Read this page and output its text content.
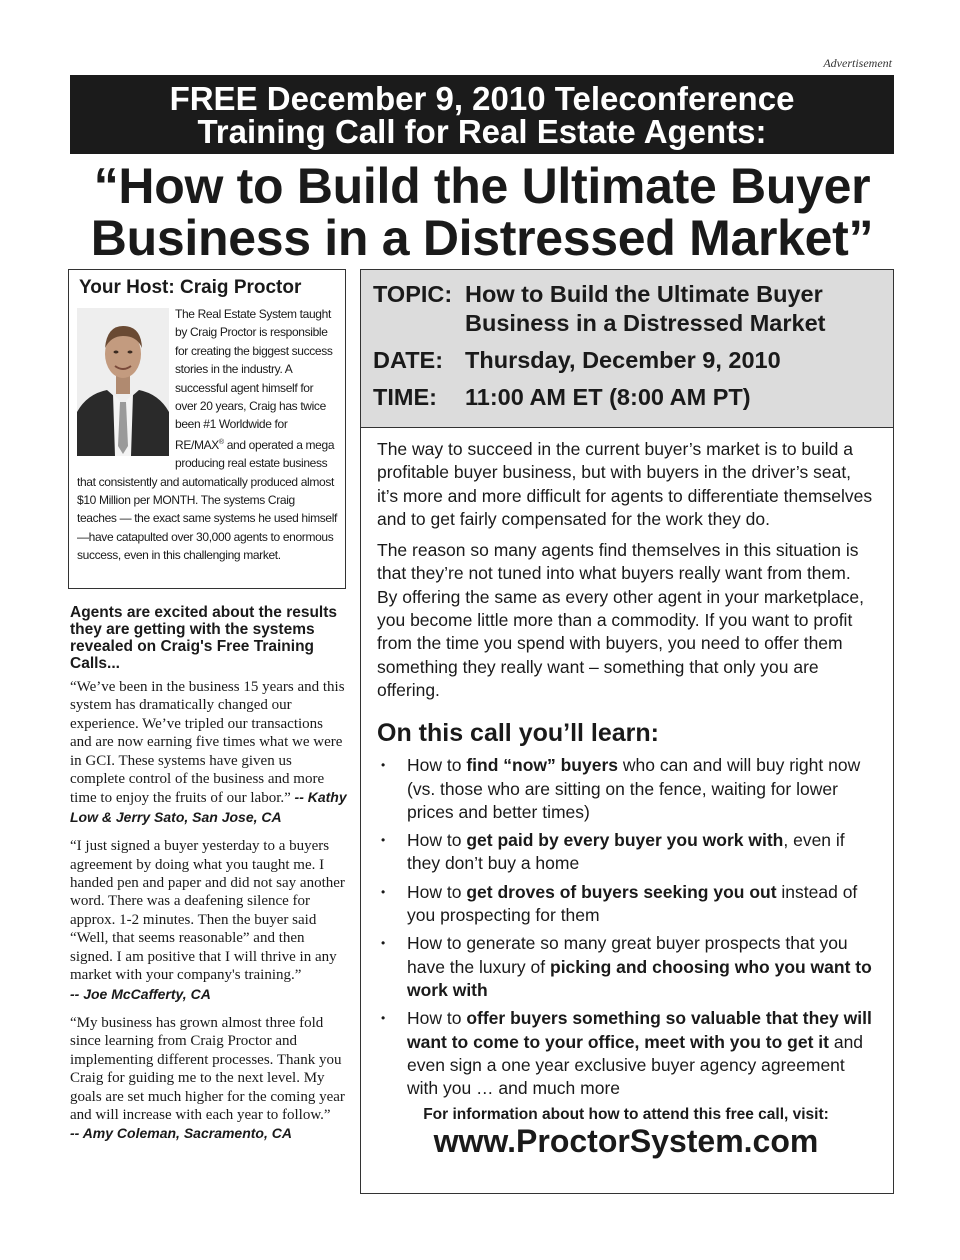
Advertisement
FREE December 9, 2010 Teleconference
Training Call for Real Estate Agents:
“How to Build the Ultimate Buyer
Business in a Distressed Market”
Your Host: Craig Proctor

The Real Estate System taught by Craig Proctor is responsible for creating the biggest success stories in the industry. A successful agent himself for over 20 years, Craig has twice been #1 Worldwide for RE/MAX® and operated a mega producing real estate business that consistently and automatically produced almost $10 Million per MONTH. The systems Craig teaches — the exact same systems he used himself—have catapulted over 30,000 agents to enormous success, even in this challenging market.

Agents are excited about the results they are getting with the systems revealed on Craig's Free Training Calls...
“We’ve been in the business 15 years and this system has dramatically changed our experience. We’ve tripled our transactions and are now earning five times what we were in GCI. These systems have given us complete control of the business and more time to enjoy the fruits of our labor.” -- Kathy Low & Jerry Sato, San Jose, CA
“I just signed a buyer yesterday to a buyers agreement by doing what you taught me. I handed pen and paper and did not say another word. There was a deafening silence for approx. 1-2 minutes. Then the buyer said “Well, that seems reasonable” and then signed. I am positive that I will thrive in any market with your company's training.”
-- Joe McCafferty, CA
“My business has grown almost three fold since learning from Craig Proctor and implementing different processes. Thank you Craig for guiding me to the next level. My goals are set much higher for the coming year and will increase with each year to follow.”
-- Amy Coleman, Sacramento, CA
TOPIC: How to Build the Ultimate Buyer
Business in a Distressed Market
DATE: Thursday, December 9, 2010
TIME:	11:00 AM ET (8:00 AM PT)

The way to succeed in the current buyer’s market is to build a profitable buyer business, but with buyers in the driver’s seat, it’s more and more difficult for agents to differentiate themselves and to get fairly compensated for the work they do.

The reason so many agents find themselves in this situation is that they’re not tuned into what buyers really want from them. By offering the same as every other agent in your marketplace, you become little more than a commodity. If you want to profit from the time you spend with buyers, you need to offer them something they really want – something that only you are offering.

On this call you’ll learn:
• How to find “now” buyers who can and will buy right now (vs. those who are sitting on the fence, waiting for lower prices and better times)
• How to get paid by every buyer you work with, even if they don’t buy a home
• How to get droves of buyers seeking you out instead of you prospecting for them
• How to generate so many great buyer prospects that you have the luxury of picking and choosing who you want to work with
• How to offer buyers something so valuable that they will want to come to your office, meet with you to get it and even sign a one year exclusive buyer agency agreement with you … and much more
For information about how to attend this free call, visit:
www.ProctorSystem.com
